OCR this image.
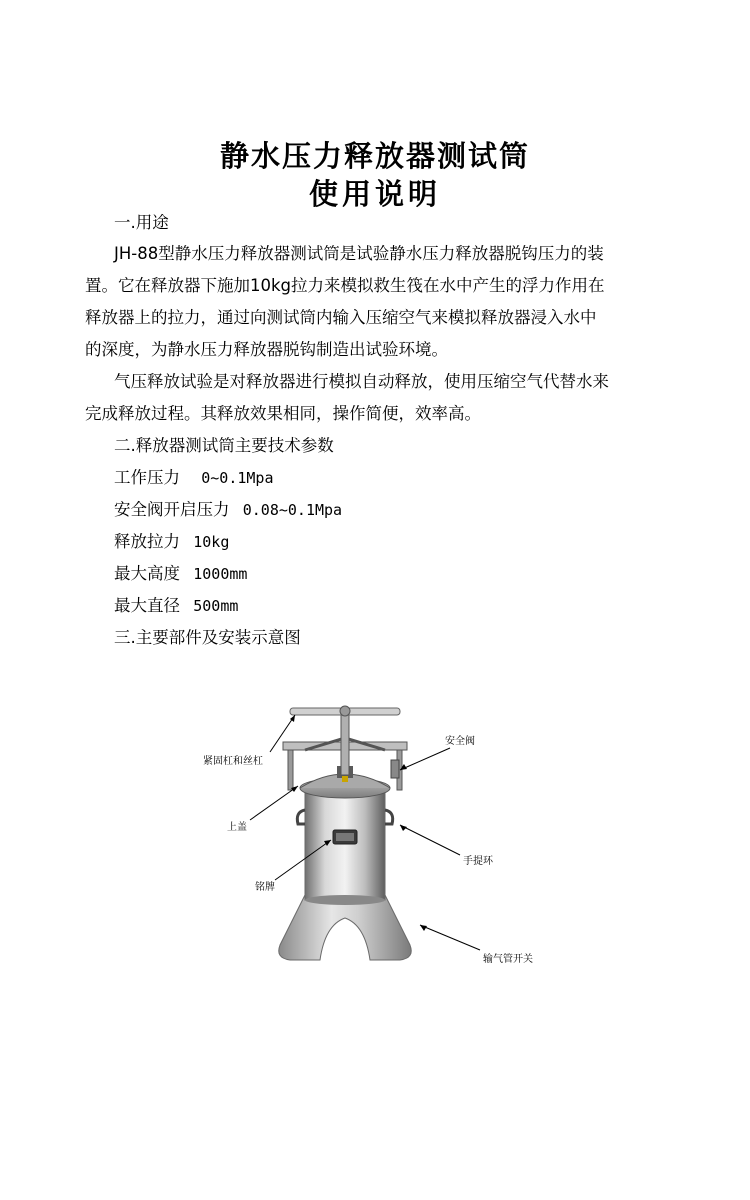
静水压力释放器测试筒
使用说明
一.用途
JH-88型静水压力释放器测试筒是试验静水压力释放器脱钩压力的装
置。它在释放器下施加10kg拉力来模拟救生筏在水中产生的浮力作用在
释放器上的拉力，通过向测试筒内输入压缩空气来模拟释放器浸入水中
的深度，为静水压力释放器脱钩制造出试验环境。
气压释放试验是对释放器进行模拟自动释放，使用压缩空气代替水来
完成释放过程。其释放效果相同，操作简便，效率高。
二.释放器测试筒主要技术参数
工作压力 0~0.1Mpa
安全阀开启压力 0.08~0.1Mpa
释放拉力 10kg
最大高度 1000mm
最大直径 500mm
三.主要部件及安装示意图
紧固杠和丝杠
安全阀
上盖
手提环
铭牌
输气管开关
